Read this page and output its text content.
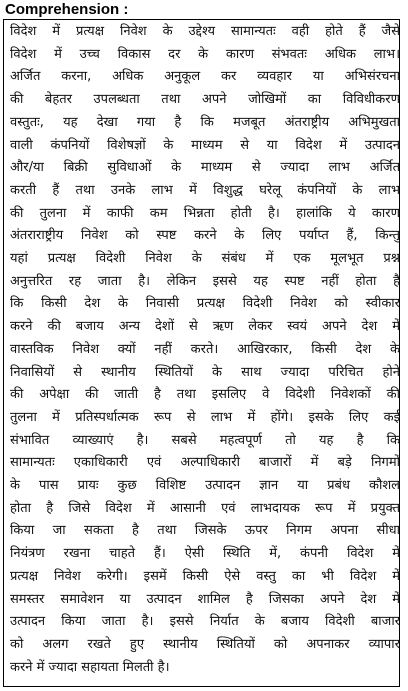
Comprehension :
विदेश में प्रत्यक्ष निवेश के उद्देश्य सामान्यतः वही होते हैं जैसे
विदेश में उच्च विकास दर के कारण संभवतः अधिक लाभ।
अर्जित करना, अधिक अनुकूल कर व्यवहार या अभिसंरचना
की बेहतर उपलब्धता तथा अपने जोखिमों का विविधीकरण
वस्तुतः, यह देखा गया है कि मजबूत अंतराष्ट्रीय अभिमुखता
वाली कंपनियों विशेषज्ञों के माध्यम से या विदेश में उत्पादन
और/या बिक्री सुविधाओं के माध्यम से ज्यादा लाभ अर्जित
करती हैं तथा उनके लाभ में विशुद्ध घरेलू कंपनियों के लाभ
की तुलना में काफी कम भिन्नता होती है। हालांकि ये कारण
अंतराराष्ट्रीय निवेश को स्पष्ट करने के लिए पर्याप्त हैं, किन्तु
यहां प्रत्यक्ष विदेशी निवेश के संबंध में एक मूलभूत प्रश्न
अनुत्तरित रह जाता है। लेकिन इससे यह स्पष्ट नहीं होता है
कि किसी देश के निवासी प्रत्यक्ष विदेशी निवेश को स्वीकार
करने की बजाय अन्य देशों से ऋण लेकर स्वयं अपने देश में
वास्तविक निवेश क्यों नहीं करते। आखिरकार, किसी देश के
निवासियों से स्थानीय स्थितियों के साथ ज्यादा परिचित होने
की अपेक्षा की जाती है तथा इसलिए वे विदेशी निवेशकों की
तुलना में प्रतिस्पर्धात्मक रूप से लाभ में होंगे। इसके लिए कई
संभावित व्याख्याएं है। सबसे महत्वपूर्ण तो यह है कि
सामान्यतः एकाधिकारी एवं अल्पाधिकारी बाजारों में बड़े निगमों
के पास प्रायः कुछ विशिष्ट उत्पादन ज्ञान या प्रबंध कौशल
होता है जिसे विदेश में आसानी एवं लाभदायक रूप में प्रयुक्त
किया जा सकता है तथा जिसके ऊपर निगम अपना सीधा
नियंत्रण रखना चाहते हैं। ऐसी स्थिति में, कंपनी विदेश में
प्रत्यक्ष निवेश करेगी। इसमें किसी ऐसे वस्तु का भी विदेश में
समस्तर समावेशन या उत्पादन शामिल है जिसका अपने देश में
उत्पादन किया जाता है। इससे निर्यात के बजाय विदेशी बाजार
को अलग रखते हुए स्थानीय स्थितियों को अपनाकर व्यापार
करने में ज्यादा सहायता मिलती है।
